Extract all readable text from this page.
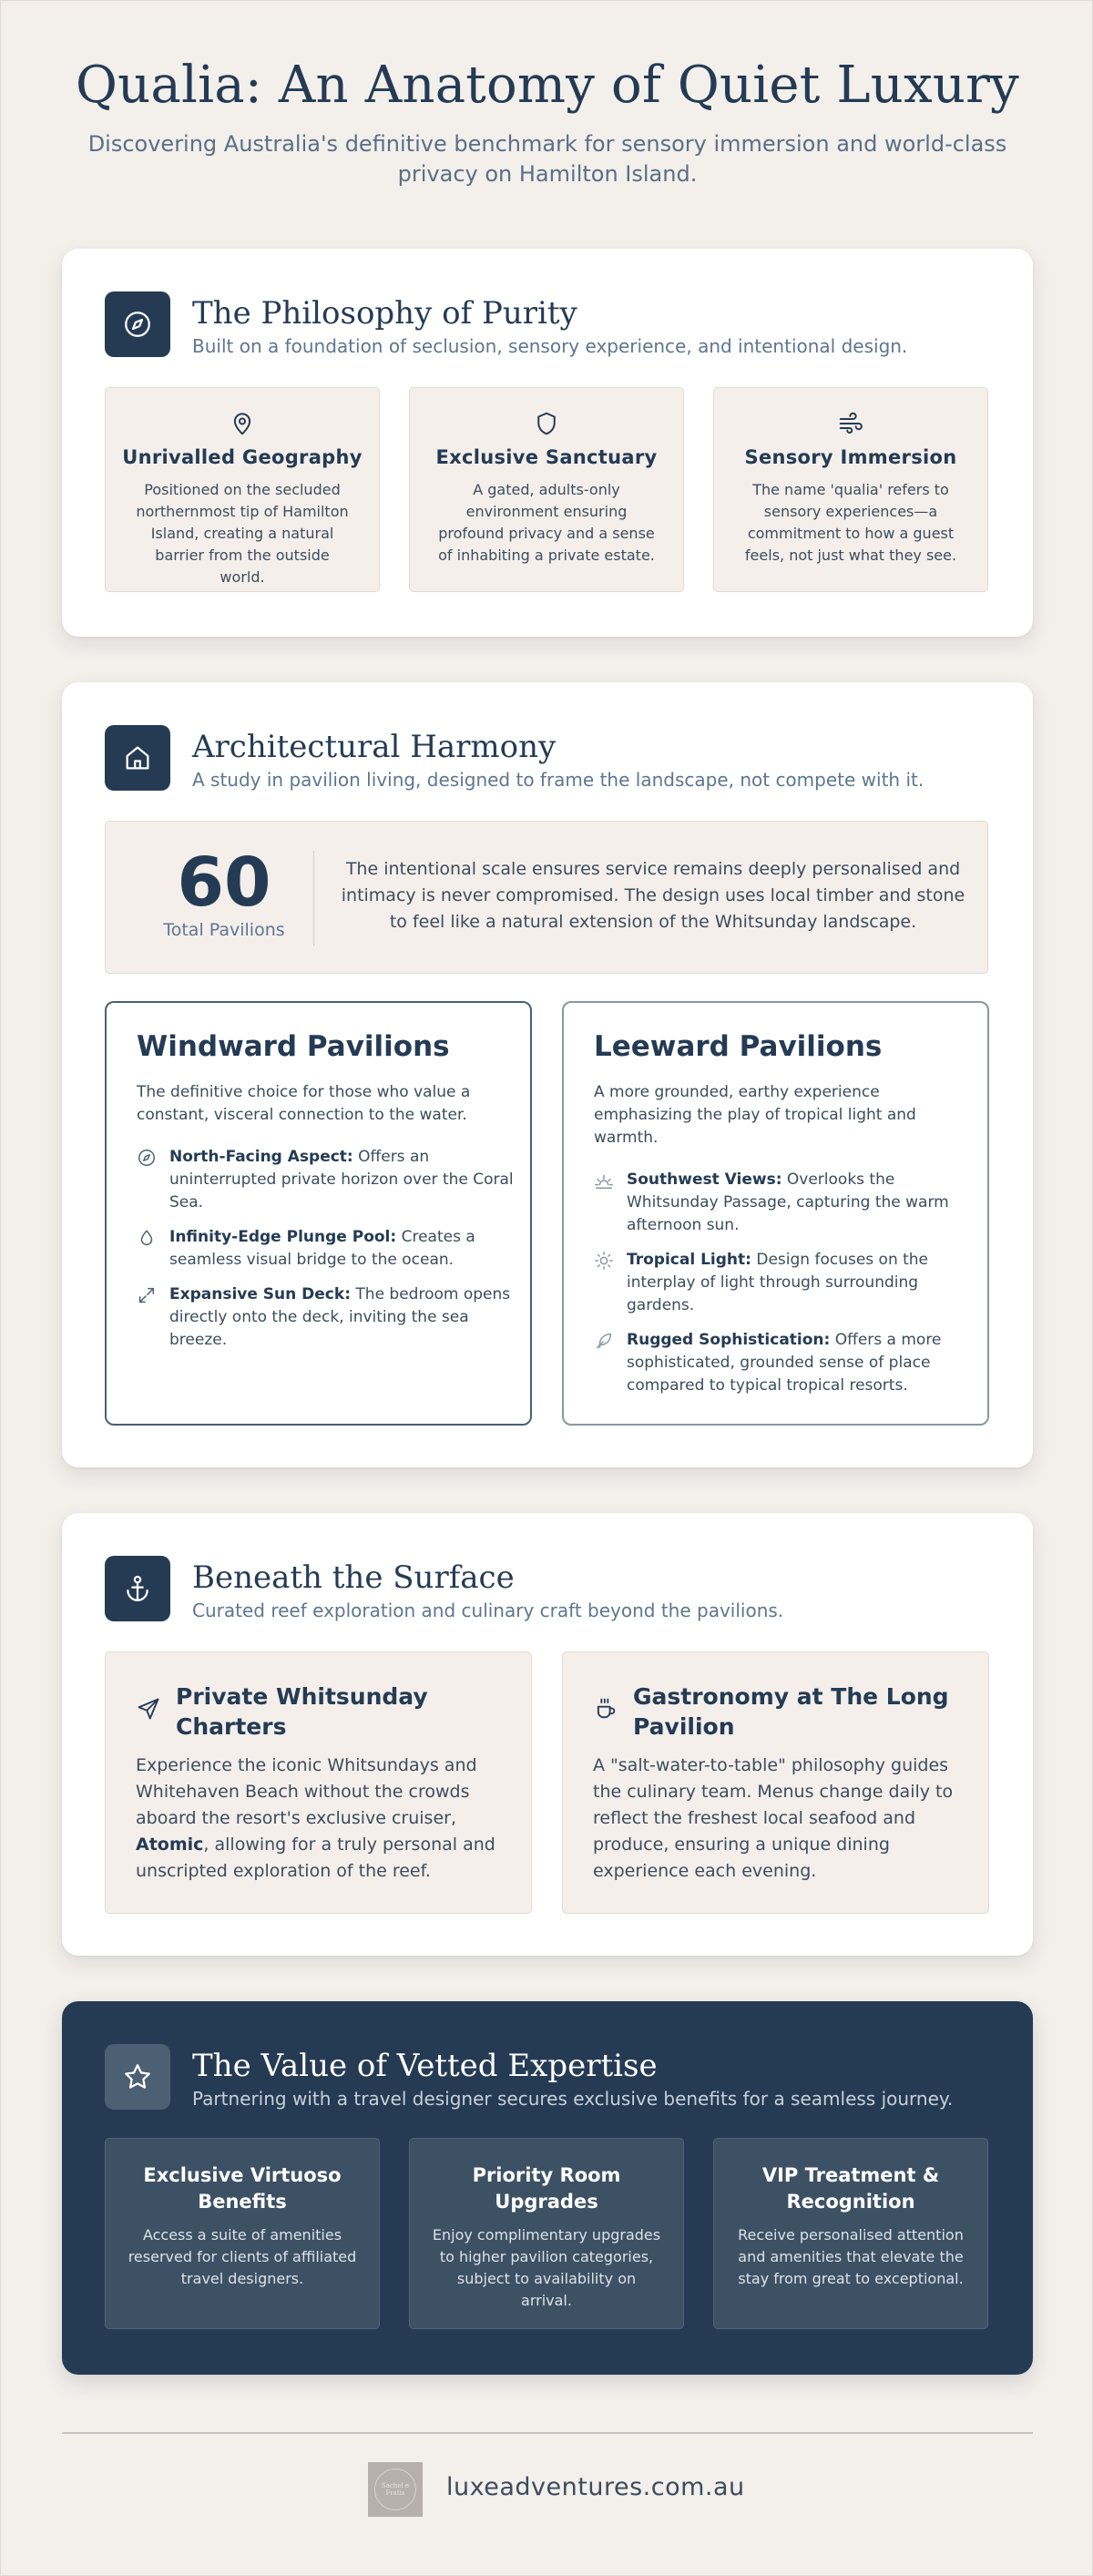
Qualia: An Anatomy of Quiet Luxury

Discovering Australia's definitive benchmark for sensory immersion and world-class privacy on Hamilton Island.

The Philosophy of Purity

Built on a foundation of seclusion, sensory experience, and intentional design.

Unrivalled Geography

Positioned on the secluded northernmost tip of Hamilton Island, creating a natural barrier from the outside world.

Exclusive Sanctuary

A gated, adults-only environment ensuring profound privacy and a sense of inhabiting a private estate.

Sensory Immersion

The name 'qualia' refers to sensory experiences—a commitment to how a guest feels, not just what they see.

Architectural Harmony

A study in pavilion living, designed to frame the landscape, not compete with it.

60
Total Pavilions

The intentional scale ensures service remains deeply personalised and intimacy is never compromised. The design uses local timber and stone to feel like a natural extension of the Whitsunday landscape.

Windward Pavilions

The definitive choice for those who value a constant, visceral connection to the water.

North-Facing Aspect: Offers an uninterrupted private horizon over the Coral Sea.

Infinity-Edge Plunge Pool: Creates a seamless visual bridge to the ocean.

Expansive Sun Deck: The bedroom opens directly onto the deck, inviting the sea breeze.

Leeward Pavilions

A more grounded, earthy experience emphasizing the play of tropical light and warmth.

Southwest Views: Overlooks the Whitsunday Passage, capturing the warm afternoon sun.

Tropical Light: Design focuses on the interplay of light through surrounding gardens.

Rugged Sophistication: Offers a more sophisticated, grounded sense of place compared to typical tropical resorts.

Beneath the Surface

Curated reef exploration and culinary craft beyond the pavilions.

Private Whitsunday Charters

Experience the iconic Whitsundays and Whitehaven Beach without the crowds aboard the resort's exclusive cruiser, Atomic, allowing for a truly personal and unscripted exploration of the reef.

Gastronomy at The Long Pavilion

A "salt-water-to-table" philosophy guides the culinary team. Menus change daily to reflect the freshest local seafood and produce, ensuring a unique dining experience each evening.

The Value of Vetted Expertise

Partnering with a travel designer secures exclusive benefits for a seamless journey.

Exclusive Virtuoso Benefits

Access a suite of amenities reserved for clients of affiliated travel designers.

Priority Room Upgrades

Enjoy complimentary upgrades to higher pavilion categories, subject to availability on arrival.

VIP Treatment & Recognition

Receive personalised attention and amenities that elevate the stay from great to exceptional.

Sachel e Fratis	luxeadventures.com.au
